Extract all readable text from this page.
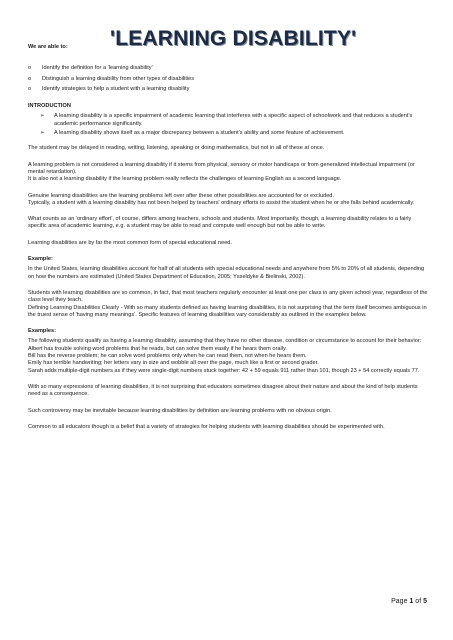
'LEARNING DISABILITY'
We are able to:
o Identify the definition for a 'learning disability'
o Distinguish a learning disability from other types of disabilities
o Identify strategies to help a student with a learning disability
INTRODUCTION
➢ A learning disability is a specific impairment of academic learning that interferes with a specific aspect of schoolwork and that reduces a student's academic performance significantly.
➢ A learning disability shows itself as a major discrepancy between a student's ability and some feature of achievement.
The student may be delayed in reading, writing, listening, speaking or doing mathematics, but not in all of these at once.
A learning problem is not considered a learning disability if it stems from physical, sensory or motor handicaps or from generalized intellectual impairment (or mental retardation).
It is also not a learning disability if the learning problem really reflects the challenges of learning English as a second language.
Genuine learning disabilities are the learning problems left over after these other possibilities are accounted for or excluded.
Typically, a student with a learning disability has not been helped by teachers' ordinary efforts to assist the student when he or she falls behind academically.
What counts as an 'ordinary effort', of course, differs among teachers, schools and students. Most importantly, though, a learning disability relates to a fairly specific area of academic learning, e.g. a student may be able to read and compute well enough but not be able to write.
Learning disabilities are by far the most common form of special educational need.
Example:
In the United States, learning disabilities account for half of all students with special educational needs and anywhere from 5% to 20% of all students, depending on how the numbers are estimated (United States Department of Education, 2005; Ysseldyke & Bielinski, 2002).
Students with learning disabilities are so common, in fact, that most teachers regularly encounter at least one per class in any given school year, regardless of the class level they teach.
Defining Learning Disabilities Clearly - With so many students defined as having learning disabilities, it is not surprising that the term itself becomes ambiguous in the truest sense of 'having many meanings'. Specific features of learning disabilities vary considerably as outlined in the examples below.
Examples:
The following students qualify as having a learning disability, assuming that they have no other disease, condition or circumstance to account for their behavior:
Albert has trouble solving word problems that he reads, but can solve them easily if he hears them orally.
Bill has the reverse problem; he can solve word problems only when he can read them, not when he hears them.
Emily has terrible handwriting; her letters vary in size and wobble all over the page, much like a first or second grader.
Sarah adds multiple-digit numbers as if they were single-digit numbers stuck together: 42 + 59 equals 911 rather than 101, though 23 + 54 correctly equals 77.
With so many expressions of learning disabilities, it is not surprising that educators sometimes disagree about their nature and about the kind of help students need as a consequence.
Such controversy may be inevitable because learning disabilities by definition are learning problems with no obvious origin.
Common to all educators though is a belief that a variety of strategies for helping students with learning disabilities should be experimented with.
Page 1 of 5
